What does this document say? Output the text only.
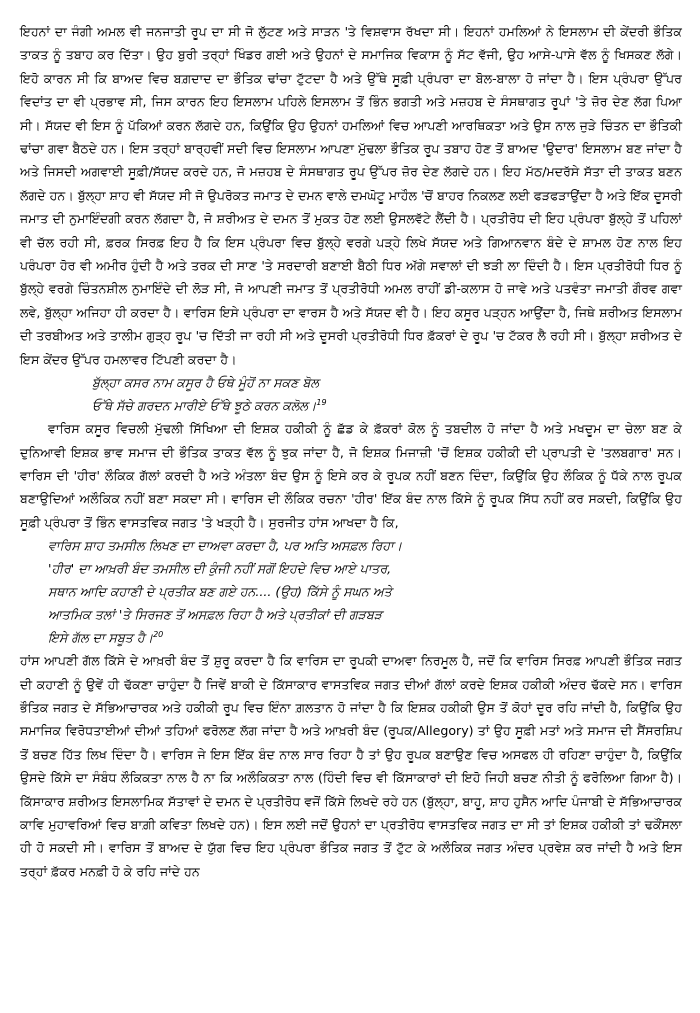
ਇਹਨਾਂ ਦਾ ਜੰਗੀ ਅਮਲ ਵੀ ਜਨਜਾਤੀ ਰੂਪ ਦਾ ਸੀ ਜੋ ਲੁੱਟਣ ਅਤੇ ਸਾੜਨ 'ਤੇ ਵਿਸ਼ਵਾਸ ਰੱਖਦਾ ਸੀ। ਇਹਨਾਂ ਹਮਲਿਆਂ ਨੇ ਇਸਲਾਮ ਦੀ ਕੇਂਦਰੀ ਭੌਤਿਕ ਤਾਕਤ ਨੂੰ ਤਬਾਹ ਕਰ ਦਿੱਤਾ। ਉਹ ਬੁਰੀ ਤਰ੍ਹਾਂ ਖਿੰਡਰ ਗਈ ਅਤੇ ਉਹਨਾਂ ਦੇ ਸਮਾਜਿਕ ਵਿਕਾਸ ਨੂੰ ਸੱਟ ਵੱਜੀ, ਉਹ ਆਸੇ-ਪਾਸੇ ਵੱਲ ਨੂੰ ਖਿਸਕਣ ਲੱਗੇ। ਇਹੋ ਕਾਰਨ ਸੀ ਕਿ ਬਾਅਦ ਵਿਚ ਬਗ਼ਦਾਦ ਦਾ ਭੌਤਿਕ ਢਾਂਚਾ ਟੁੱਟਦਾ ਹੈ ਅਤੇ ਉੱਥੇ ਸੂਫ਼ੀ ਪ੍ਰੰਪਰਾ ਦਾ ਬੋਲ-ਬਾਲਾ ਹੋ ਜਾਂਦਾ ਹੈ। ਇਸ ਪ੍ਰੰਪਰਾ ਉੱਪਰ ਵਿਦਾਂਤ ਦਾ ਵੀ ਪ੍ਰਭਾਵ ਸੀ, ਜਿਸ ਕਾਰਨ ਇਹ ਇਸਲਾਮ ਪਹਿਲੇ ਇਸਲਾਮ ਤੋਂ ਭਿੰਨ ਭਗਤੀ ਅਤੇ ਮਜ਼ਹਬ ਦੇ ਸੰਸਥਾਗਤ ਰੂਪਾਂ 'ਤੇ ਜ਼ੋਰ ਦੇਣ ਲੱਗ ਪਿਆ ਸੀ। ਸੱਯਦ ਵੀ ਇਸ ਨੂੰ ਪੱਕਿਆਂ ਕਰਨ ਲੱਗਦੇ ਹਨ, ਕਿਉਂਕਿ ਉਹ ਉਹਨਾਂ ਹਮਲਿਆਂ ਵਿਚ ਆਪਣੀ ਆਰਥਿਕਤਾ ਅਤੇ ਉਸ ਨਾਲ ਜੁੜੇ ਚਿੰਤਨ ਦਾ ਭੌਤਿਕੀ ਢਾਂਚਾ ਗਵਾ ਬੈਠਦੇ ਹਨ। ਇਸ ਤਰ੍ਹਾਂ ਬਾਰ੍ਹਵੀਂ ਸਦੀ ਵਿਚ ਇਸਲਾਮ ਆਪਣਾ ਮੁੱਢਲਾ ਭੌਤਿਕ ਰੂਪ ਤਬਾਹ ਹੋਣ ਤੋਂ ਬਾਅਦ 'ਉਦਾਰ' ਇਸਲਾਮ ਬਣ ਜਾਂਦਾ ਹੈ ਅਤੇ ਜਿਸਦੀ ਅਗਵਾਈ ਸੂਫ਼ੀ/ਸੱਯਦ ਕਰਦੇ ਹਨ, ਜੋ ਮਜ਼ਹਬ ਦੇ ਸੰਸਥਾਗਤ ਰੂਪ ਉੱਪਰ ਜ਼ੋਰ ਦੇਣ ਲੱਗਦੇ ਹਨ। ਇਹ ਮੱਠ/ਮਦਰੱਸੇ ਸੱਤਾ ਦੀ ਤਾਕਤ ਬਣਨ ਲੱਗਦੇ ਹਨ। ਬੁੱਲ੍ਹਾ ਸ਼ਾਹ ਵੀ ਸੱਯਦ ਸੀ ਜੋ ਉਪਰੋਕਤ ਜਮਾਤ ਦੇ ਦਮਨ ਵਾਲੇ ਦਮਘੋਟੂ ਮਾਹੌਲ 'ਚੋਂ ਬਾਹਰ ਨਿਕਲਣ ਲਈ ਫੜਫੜਾਉਂਦਾ ਹੈ ਅਤੇ ਇੱਕ ਦੂਸਰੀ ਜਮਾਤ ਦੀ ਨੁਮਾਇੰਦਗੀ ਕਰਨ ਲੱਗਦਾ ਹੈ, ਜੋ ਸ਼ਰੀਅਤ ਦੇ ਦਮਨ ਤੋਂ ਮੁਕਤ ਹੋਣ ਲਈ ਉਸਲਵੱਟੇ ਲੈਂਦੀ ਹੈ। ਪ੍ਰਤੀਰੋਧ ਦੀ ਇਹ ਪ੍ਰੰਪਰਾ ਬੁੱਲ੍ਹੇ ਤੋਂ ਪਹਿਲਾਂ ਵੀ ਚੱਲ ਰਹੀ ਸੀ, ਫ਼ਰਕ ਸਿਰਫ਼ ਇਹ ਹੈ ਕਿ ਇਸ ਪ੍ਰੰਪਰਾ ਵਿਚ ਬੁੱਲ੍ਹੇ ਵਰਗੇ ਪੜ੍ਹੇ ਲਿਖੇ ਸੱਯਦ ਅਤੇ ਗਿਆਨਵਾਨ ਬੰਦੇ ਦੇ ਸ਼ਾਮਲ ਹੋਣ ਨਾਲ ਇਹ ਪਰੰਪਰਾ ਹੋਰ ਵੀ ਅਮੀਰ ਹੁੰਦੀ ਹੈ ਅਤੇ ਤਰਕ ਦੀ ਸਾਣ 'ਤੇ ਸਰਦਾਰੀ ਬਣਾਈ ਬੈਠੀ ਧਿਰ ਅੱਗੇ ਸਵਾਲਾਂ ਦੀ ਝੜੀ ਲਾ ਦਿੰਦੀ ਹੈ। ਇਸ ਪ੍ਰਤੀਰੋਧੀ ਧਿਰ ਨੂੰ ਬੁੱਲ੍ਹੇ ਵਰਗੇ ਚਿੰਤਨਸ਼ੀਲ ਨੁਮਾਇੰਦੇ ਦੀ ਲੋੜ ਸੀ, ਜੋ ਆਪਣੀ ਜਮਾਤ ਤੋਂ ਪ੍ਰਤੀਰੋਧੀ ਅਮਲ ਰਾਹੀਂ ਡੀ-ਕਲਾਸ ਹੋ ਜਾਵੇ ਅਤੇ ਪਤਵੰਤਾ ਜਮਾਤੀ ਗੌਰਵ ਗਵਾ ਲਵੇ, ਬੁੱਲ੍ਹਾ ਅਜਿਹਾ ਹੀ ਕਰਦਾ ਹੈ। ਵਾਰਿਸ ਇਸੇ ਪ੍ਰੰਪਰਾ ਦਾ ਵਾਰਸ ਹੈ ਅਤੇ ਸੱਯਦ ਵੀ ਹੈ। ਇਹ ਕਸੂਰ ਪੜ੍ਹਨ ਆਉਂਦਾ ਹੈ, ਜਿਥੇ ਸ਼ਰੀਅਤ ਇਸਲਾਮ ਦੀ ਤਰਬੀਅਤ ਅਤੇ ਤਾਲੀਮ ਗੁੜ੍ਹ ਰੂਪ 'ਚ ਦਿੱਤੀ ਜਾ ਰਹੀ ਸੀ ਅਤੇ ਦੂਸਰੀ ਪ੍ਰਤੀਰੋਧੀ ਧਿਰ ਫ਼ੱਕਰਾਂ ਦੇ ਰੂਪ 'ਚ ਟੱਕਰ ਲੈ ਰਹੀ ਸੀ। ਬੁੱਲ੍ਹਾ ਸ਼ਰੀਅਤ ਦੇ ਇਸ ਕੇਂਦਰ ਉੱਪਰ ਹਮਲਾਵਰ ਟਿੱਪਣੀ ਕਰਦਾ ਹੈ।

ਬੁੱਲ੍ਹਾ ਕਸਰ ਨਾਮ ਕਸੂਰ ਹੈ ਓਥੇ ਮੂੰਹੋਂ ਨਾ ਸਕਣ ਬੋਲ
ਓੱਥੇ ਸੱਚੇ ਗਰਦਨ ਮਾਰੀਏ ਓੱਥੇ ਝੂਠੇ ਕਰਨ ਕਲੋਲ।$^{19}$

ਵਾਰਿਸ ਕਸੂਰ ਵਿਚਲੀ ਮੁੱਢਲੀ ਸਿੱਖਿਆ ਦੀ ਇਸ਼ਕ ਹਕੀਕੀ ਨੂੰ ਛੱਡ ਕੇ ਫ਼ੱਕਰਾਂ ਕੋਲ ਨੂੰ ਤਬਦੀਲ ਹੋ ਜਾਂਦਾ ਹੈ ਅਤੇ ਮਖਦੂਮ ਦਾ ਚੇਲਾ ਬਣ ਕੇ ਦੁਨਿਆਵੀ ਇਸ਼ਕ ਭਾਵ ਸਮਾਜ ਦੀ ਭੌਤਿਕ ਤਾਕਤ ਵੱਲ ਨੂੰ ਝੁਕ ਜਾਂਦਾ ਹੈ, ਜੋ ਇਸ਼ਕ ਮਿਜਾਜ਼ੀ 'ਚੋਂ ਇਸ਼ਕ ਹਕੀਕੀ ਦੀ ਪ੍ਰਾਪਤੀ ਦੇ 'ਤਲਬਗਾਰ' ਸਨ। ਵਾਰਿਸ ਦੀ 'ਹੀਰ' ਲੌਕਿਕ ਗੱਲਾਂ ਕਰਦੀ ਹੈ ਅਤੇ ਅੰਤਲਾ ਬੰਦ ਉਸ ਨੂੰ ਇਸੇ ਕਰ ਕੇ ਰੂਪਕ ਨਹੀਂ ਬਣਨ ਦਿੰਦਾ, ਕਿਉਂਕਿ ਉਹ ਲੌਕਿਕ ਨੂੰ ਧੱਕੇ ਨਾਲ ਰੂਪਕ ਬਣਾਉਦਿਆਂ ਅਲੌਕਿਕ ਨਹੀਂ ਬਣਾ ਸਕਦਾ ਸੀ। ਵਾਰਿਸ ਦੀ ਲੌਕਿਕ ਰਚਨਾ 'ਹੀਰ' ਇੱਕ ਬੰਦ ਨਾਲ ਕਿੱਸੇ ਨੂੰ ਰੂਪਕ ਸਿੱਧ ਨਹੀਂ ਕਰ ਸਕਦੀ, ਕਿਉਂਕਿ ਉਹ ਸੂਫ਼ੀ ਪ੍ਰੰਪਰਾ ਤੋਂ ਭਿੰਨ ਵਾਸਤਵਿਕ ਜਗਤ 'ਤੇ ਖੜ੍ਹੀ ਹੈ। ਸੁਰਜੀਤ ਹਾਂਸ ਆਖਦਾ ਹੈ ਕਿ,

ਵਾਰਿਸ ਸ਼ਾਹ ਤਮਸੀਲ ਲਿਖਣ ਦਾ ਦਾਅਵਾ ਕਰਦਾ ਹੈ, ਪਰ ਅਤਿ ਅਸਫ਼ਲ ਰਿਹਾ।
'ਹੀਰ' ਦਾ ਆਖ਼ਰੀ ਬੰਦ ਤਮਸੀਲ ਦੀ ਕੁੰਜੀ ਨਹੀਂ ਸਗੋਂ ਇਹਦੇ ਵਿਚ ਆਏ ਪਾਤਰ,
ਸਥਾਨ ਆਦਿ ਕਹਾਣੀ ਦੇ ਪ੍ਰਤੀਕ ਬਣ ਗਏ ਹਨ.... (ਉਹ) ਕਿੱਸੇ ਨੂੰ ਸਘਨ ਅਤੇ
ਆਤਮਿਕ ਤਲਾਂ 'ਤੇ ਸਿਰਜਣ ਤੋਂ ਅਸਫ਼ਲ ਰਿਹਾ ਹੈ ਅਤੇ ਪ੍ਰਤੀਕਾਂ ਦੀ ਗੜਬੜ
ਇਸੇ ਗੱਲ ਦਾ ਸਬੂਤ ਹੈ।$^{20}$

ਹਾਂਸ ਆਪਣੀ ਗੱਲ ਕਿੱਸੇ ਦੇ ਆਖ਼ਰੀ ਬੰਦ ਤੋਂ ਸ਼ੁਰੂ ਕਰਦਾ ਹੈ ਕਿ ਵਾਰਿਸ ਦਾ ਰੂਪਕੀ ਦਾਅਵਾ ਨਿਰਮੂਲ ਹੈ, ਜਦੋਂ ਕਿ ਵਾਰਿਸ ਸਿਰਫ਼ ਆਪਣੀ ਭੌਤਿਕ ਜਗਤ ਦੀ ਕਹਾਣੀ ਨੂੰ ਉਵੇਂ ਹੀ ਢੱਕਣਾ ਚਾਹੁੰਦਾ ਹੈ ਜਿਵੇਂ ਬਾਕੀ ਦੇ ਕਿੱਸਾਕਾਰ ਵਾਸਤਵਿਕ ਜਗਤ ਦੀਆਂ ਗੱਲਾਂ ਕਰਦੇ ਇਸ਼ਕ ਹਕੀਕੀ ਅੰਦਰ ਢੱਕਦੇ ਸਨ। ਵਾਰਿਸ ਭੌਤਿਕ ਜਗਤ ਦੇ ਸੱਭਿਆਚਾਰਕ ਅਤੇ ਹਕੀਕੀ ਰੂਪ ਵਿਚ ਇੰਨਾ ਗ਼ਲਤਾਨ ਹੋ ਜਾਂਦਾ ਹੈ ਕਿ ਇਸ਼ਕ ਹਕੀਕੀ ਉਸ ਤੋਂ ਕੋਹਾਂ ਦੂਰ ਰਹਿ ਜਾਂਦੀ ਹੈ, ਕਿਉਂਕਿ ਉਹ ਸਮਾਜਿਕ ਵਿਰੋਧਤਾਈਆਂ ਦੀਆਂ ਤਹਿਆਂ ਫਰੋਲਣ ਲੱਗ ਜਾਂਦਾ ਹੈ ਅਤੇ ਆਖ਼ਰੀ ਬੰਦ (ਰੂਪਕ/Allegory) ਤਾਂ ਉਹ ਸੂਫ਼ੀ ਮਤਾਂ ਅਤੇ ਸਮਾਜ ਦੀ ਸੈਂਸਰਸ਼ਿਪ ਤੋਂ ਬਚਣ ਹਿੱਤ ਲਿਖ ਦਿੰਦਾ ਹੈ। ਵਾਰਿਸ ਜੇ ਇਸ ਇੱਕ ਬੰਦ ਨਾਲ ਸਾਰ ਰਿਹਾ ਹੈ ਤਾਂ ਉਹ ਰੂਪਕ ਬਣਾਉਣ ਵਿਚ ਅਸਫਲ ਹੀ ਰਹਿਣਾ ਚਾਹੁੰਦਾ ਹੈ, ਕਿਉਂਕਿ ਉਸਦੇ ਕਿੱਸੇ ਦਾ ਸੰਬੰਧ ਲੌਕਿਕਤਾ ਨਾਲ ਹੈ ਨਾ ਕਿ ਅਲੌਕਿਕਤਾ ਨਾਲ (ਹਿੰਦੀ ਵਿਚ ਵੀ ਕਿੱਸਾਕਾਰਾਂ ਦੀ ਇਹੋ ਜਿਹੀ ਬਚਣ ਨੀਤੀ ਨੂੰ ਫਰੋਲਿਆ ਗਿਆ ਹੈ)। ਕਿੱਸਾਕਾਰ ਸ਼ਰੀਅਤ ਇਸਲਾਮਿਕ ਸੱਤਾਵਾਂ ਦੇ ਦਮਨ ਦੇ ਪ੍ਰਤੀਰੋਧ ਵਜੋਂ ਕਿੱਸੇ ਲਿਖਦੇ ਰਹੇ ਹਨ (ਬੁੱਲ੍ਹਾ, ਬਾਹੂ, ਸ਼ਾਹ ਹੁਸੈਨ ਆਦਿ ਪੰਜਾਬੀ ਦੇ ਸੱਭਿਆਚਾਰਕ ਕਾਵਿ ਮੁਹਾਵਰਿਆਂ ਵਿਚ ਬਾਗ਼ੀ ਕਵਿਤਾ ਲਿਖਦੇ ਹਨ)। ਇਸ ਲਈ ਜਦੋਂ ਉਹਨਾਂ ਦਾ ਪ੍ਰਤੀਰੋਧ ਵਾਸਤਵਿਕ ਜਗਤ ਦਾ ਸੀ ਤਾਂ ਇਸ਼ਕ ਹਕੀਕੀ ਤਾਂ ਢਕੌਂਸਲਾ ਹੀ ਹੋ ਸਕਦੀ ਸੀ। ਵਾਰਿਸ ਤੋਂ ਬਾਅਦ ਦੇ ਯੁੱਗ ਵਿਚ ਇਹ ਪ੍ਰੰਪਰਾ ਭੌਤਿਕ ਜਗਤ ਤੋਂ ਟੁੱਟ ਕੇ ਅਲੌਕਿਕ ਜਗਤ ਅੰਦਰ ਪ੍ਰਵੇਸ਼ ਕਰ ਜਾਂਦੀ ਹੈ ਅਤੇ ਇਸ ਤਰ੍ਹਾਂ ਫ਼ੱਕਰ ਮਨਫ਼ੀ ਹੋ ਕੇ ਰਹਿ ਜਾਂਦੇ ਹਨ
